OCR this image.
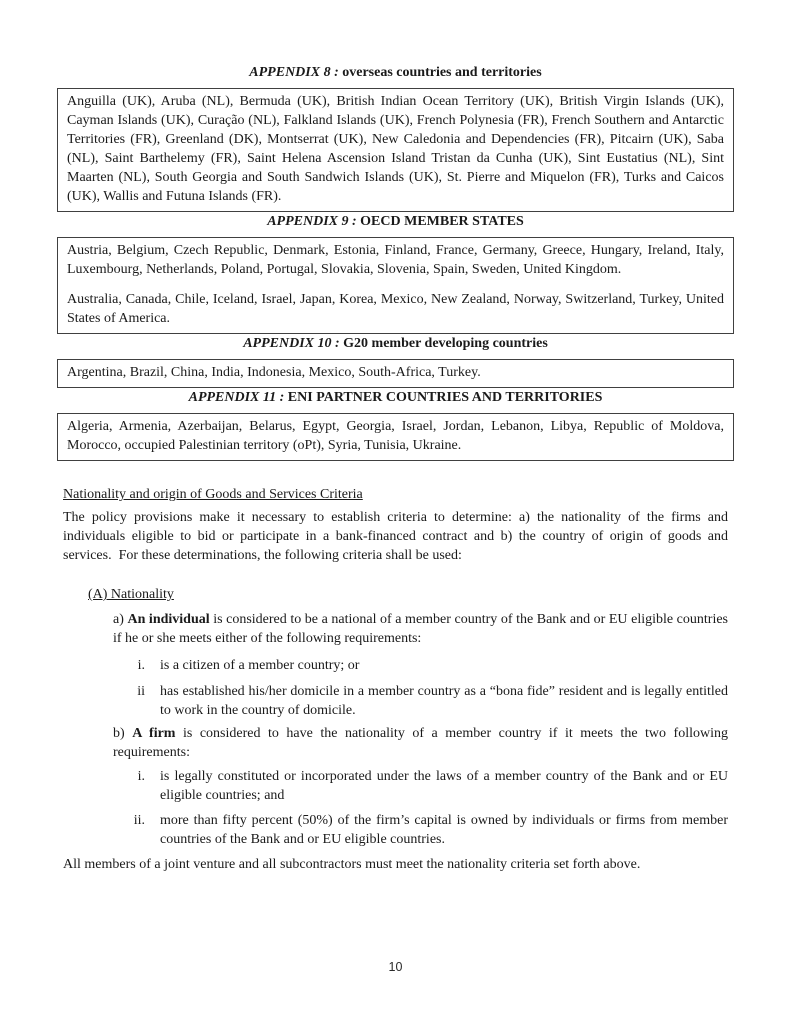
APPENDIX 8 : overseas countries and territories

Anguilla (UK), Aruba (NL), Bermuda (UK), British Indian Ocean Territory (UK), British Virgin Islands (UK), Cayman Islands (UK), Curação (NL), Falkland Islands (UK), French Polynesia (FR), French Southern and Antarctic Territories (FR), Greenland (DK), Montserrat (UK), New Caledonia and Dependencies (FR), Pitcairn (UK), Saba (NL), Saint Barthelemy (FR), Saint Helena Ascension Island Tristan da Cunha (UK), Sint Eustatius (NL), Sint Maarten (NL), South Georgia and South Sandwich Islands (UK), St. Pierre and Miquelon (FR), Turks and Caicos (UK), Wallis and Futuna Islands (FR).

APPENDIX 9 : OECD MEMBER STATES

Austria, Belgium, Czech Republic, Denmark, Estonia, Finland, France, Germany, Greece, Hungary, Ireland, Italy, Luxembourg, Netherlands, Poland, Portugal, Slovakia, Slovenia, Spain, Sweden, United Kingdom.

Australia, Canada, Chile, Iceland, Israel, Japan, Korea, Mexico, New Zealand, Norway, Switzerland, Turkey, United States of America.

APPENDIX 10 : G20 member developing countries

Argentina, Brazil, China, India, Indonesia, Mexico, South-Africa, Turkey.

APPENDIX 11 : ENI PARTNER COUNTRIES AND TERRITORIES

Algeria, Armenia, Azerbaijan, Belarus, Egypt, Georgia, Israel, Jordan, Lebanon, Libya, Republic of Moldova, Morocco, occupied Palestinian territory (oPt), Syria, Tunisia, Ukraine.

Nationality and origin of Goods and Services Criteria

The policy provisions make it necessary to establish criteria to determine: a) the nationality of the firms and individuals eligible to bid or participate in a bank-financed contract and b) the country of origin of goods and services.  For these determinations, the following criteria shall be used:

(A) Nationality

a) An individual is considered to be a national of a member country of the Bank and or EU eligible countries if he or she meets either of the following requirements:

i. is a citizen of a member country; or

ii has established his/her domicile in a member country as a “bona fide” resident and is legally entitled to work in the country of domicile.

b) A firm is considered to have the nationality of a member country if it meets the two following requirements:

i. is legally constituted or incorporated under the laws of a member country of the Bank and or EU eligible countries; and

ii. more than fifty percent (50%) of the firm’s capital is owned by individuals or firms from member countries of the Bank and or EU eligible countries.

All members of a joint venture and all subcontractors must meet the nationality criteria set forth above.

10
